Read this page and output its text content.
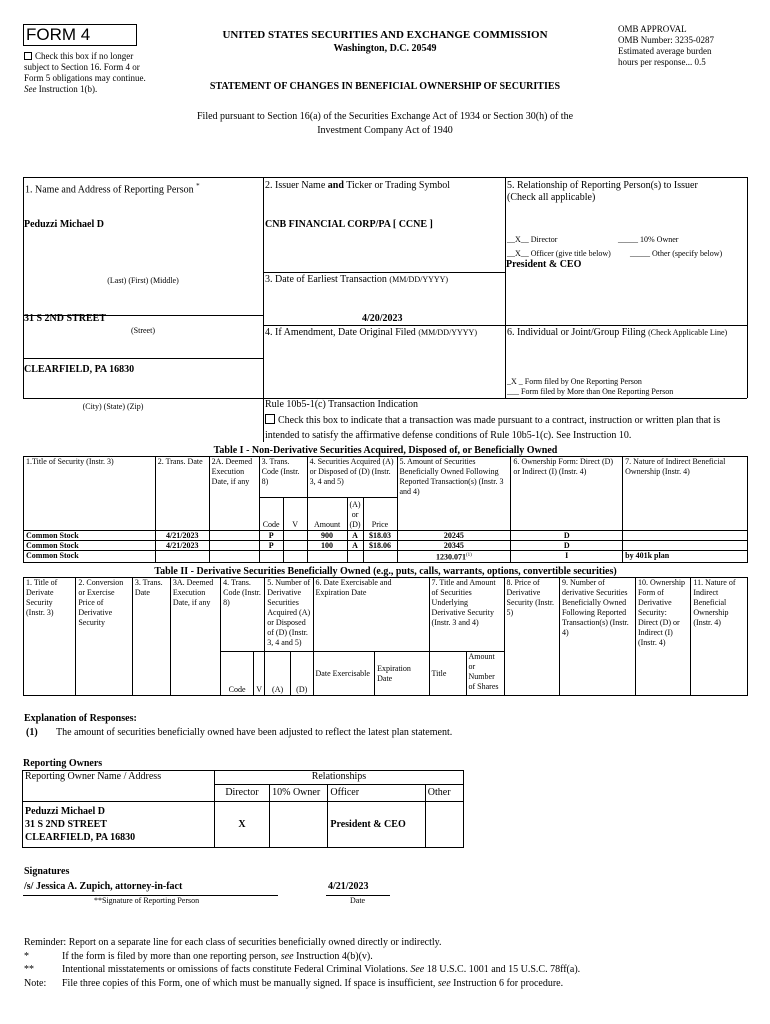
FORM 4
Check this box if no longer subject to Section 16. Form 4 or Form 5 obligations may continue. See Instruction 1(b).
UNITED STATES SECURITIES AND EXCHANGE COMMISSION
Washington, D.C. 20549
OMB APPROVAL
OMB Number: 3235-0287
Estimated average burden
hours per response... 0.5
STATEMENT OF CHANGES IN BENEFICIAL OWNERSHIP OF SECURITIES
Filed pursuant to Section 16(a) of the Securities Exchange Act of 1934 or Section 30(h) of the
Investment Company Act of 1940
1. Name and Address of Reporting Person *
Peduzzi Michael D
(Last) (First) (Middle)
31 S 2ND STREET
(Street)
CLEARFIELD, PA 16830
(City) (State) (Zip)
2. Issuer Name and Ticker or Trading Symbol
CNB FINANCIAL CORP/PA [ CCNE ]
3. Date of Earliest Transaction (MM/DD/YYYY)
4/20/2023
4. If Amendment, Date Original Filed (MM/DD/YYYY)
5. Relationship of Reporting Person(s) to Issuer
(Check all applicable)
__X__ Director	_____ 10% Owner
__X__ Officer (give title below) _____ Other (specify below)
President & CEO
6. Individual or Joint/Group Filing (Check Applicable Line)
_X _ Form filed by One Reporting Person
___ Form filed by More than One Reporting Person
Rule 10b5-1(c) Transaction Indication
Check this box to indicate that a transaction was made pursuant to a contract, instruction or written plan that is intended to satisfy the affirmative defense conditions of Rule 10b5-1(c). See Instruction 10.
Table I - Non-Derivative Securities Acquired, Disposed of, or Beneficially Owned
1.Title of Security (Instr. 3)	2. Trans. Date	2A. Deemed Execution Date, if any	3. Trans. Code (Instr. 8)		4. Securities Acquired (A) or Disposed of (D) (Instr. 3, 4 and 5)			5. Amount of Securities Beneficially Owned Following Reported Transaction(s) (Instr. 3 and 4)	6. Ownership Form: Direct (D) or Indirect (I) (Instr. 4)	7. Nature of Indirect Beneficial Ownership (Instr. 4)
			Code	V	Amount	(A) or (D)	Price			
Common Stock	4/21/2023		P		900	A	$18.03	20245	D	
Common Stock	4/21/2023		P		100	A	$18.06	20345	D	
Common Stock								1230.071$^{(1)}$	I	by 401k plan
Table II - Derivative Securities Beneficially Owned (e.g., puts, calls, warrants, options, convertible securities)
1. Title of Derivate Security (Instr. 3)	2. Conversion or Exercise Price of Derivative Security	3. Trans. Date	3A. Deemed Execution Date, if any	4. Trans. Code (Instr. 8)		5. Number of Derivative Securities Acquired (A) or Disposed of (D) (Instr. 3, 4 and 5)		6. Date Exercisable and Expiration Date		7. Title and Amount of Securities Underlying Derivative Security (Instr. 3 and 4)		8. Price of Derivative Security (Instr. 5)	9. Number of derivative Securities Beneficially Owned Following Reported Transaction(s) (Instr. 4)	10. Ownership Form of Derivative Security: Direct (D) or Indirect (I) (Instr. 4)	11. Nature of Indirect Beneficial Ownership (Instr. 4)
				Code	V	(A)	(D)	Date Exercisable	Expiration Date	Title	Amount or Number of Shares				
Explanation of Responses:
(1) The amount of securities beneficially owned have been adjusted to reflect the latest plan statement.
Reporting Owners
Reporting Owner Name / Address	Relationships			
	Director	10% Owner	Officer	Other

Peduzzi Michael D
31 S 2ND STREET
CLEARFIELD, PA 16830	X		President & CEO	
Signatures
/s/ Jessica A. Zupich, attorney-in-fact
**Signature of Reporting Person
4/21/2023
Date
Reminder: Report on a separate line for each class of securities beneficially owned directly or indirectly.
*	If the form is filed by more than one reporting person, see Instruction 4(b)(v).
**	Intentional misstatements or omissions of facts constitute Federal Criminal Violations. See 18 U.S.C. 1001 and 15 U.S.C. 78ff(a).
Note: File three copies of this Form, one of which must be manually signed. If space is insufficient, see Instruction 6 for procedure.
